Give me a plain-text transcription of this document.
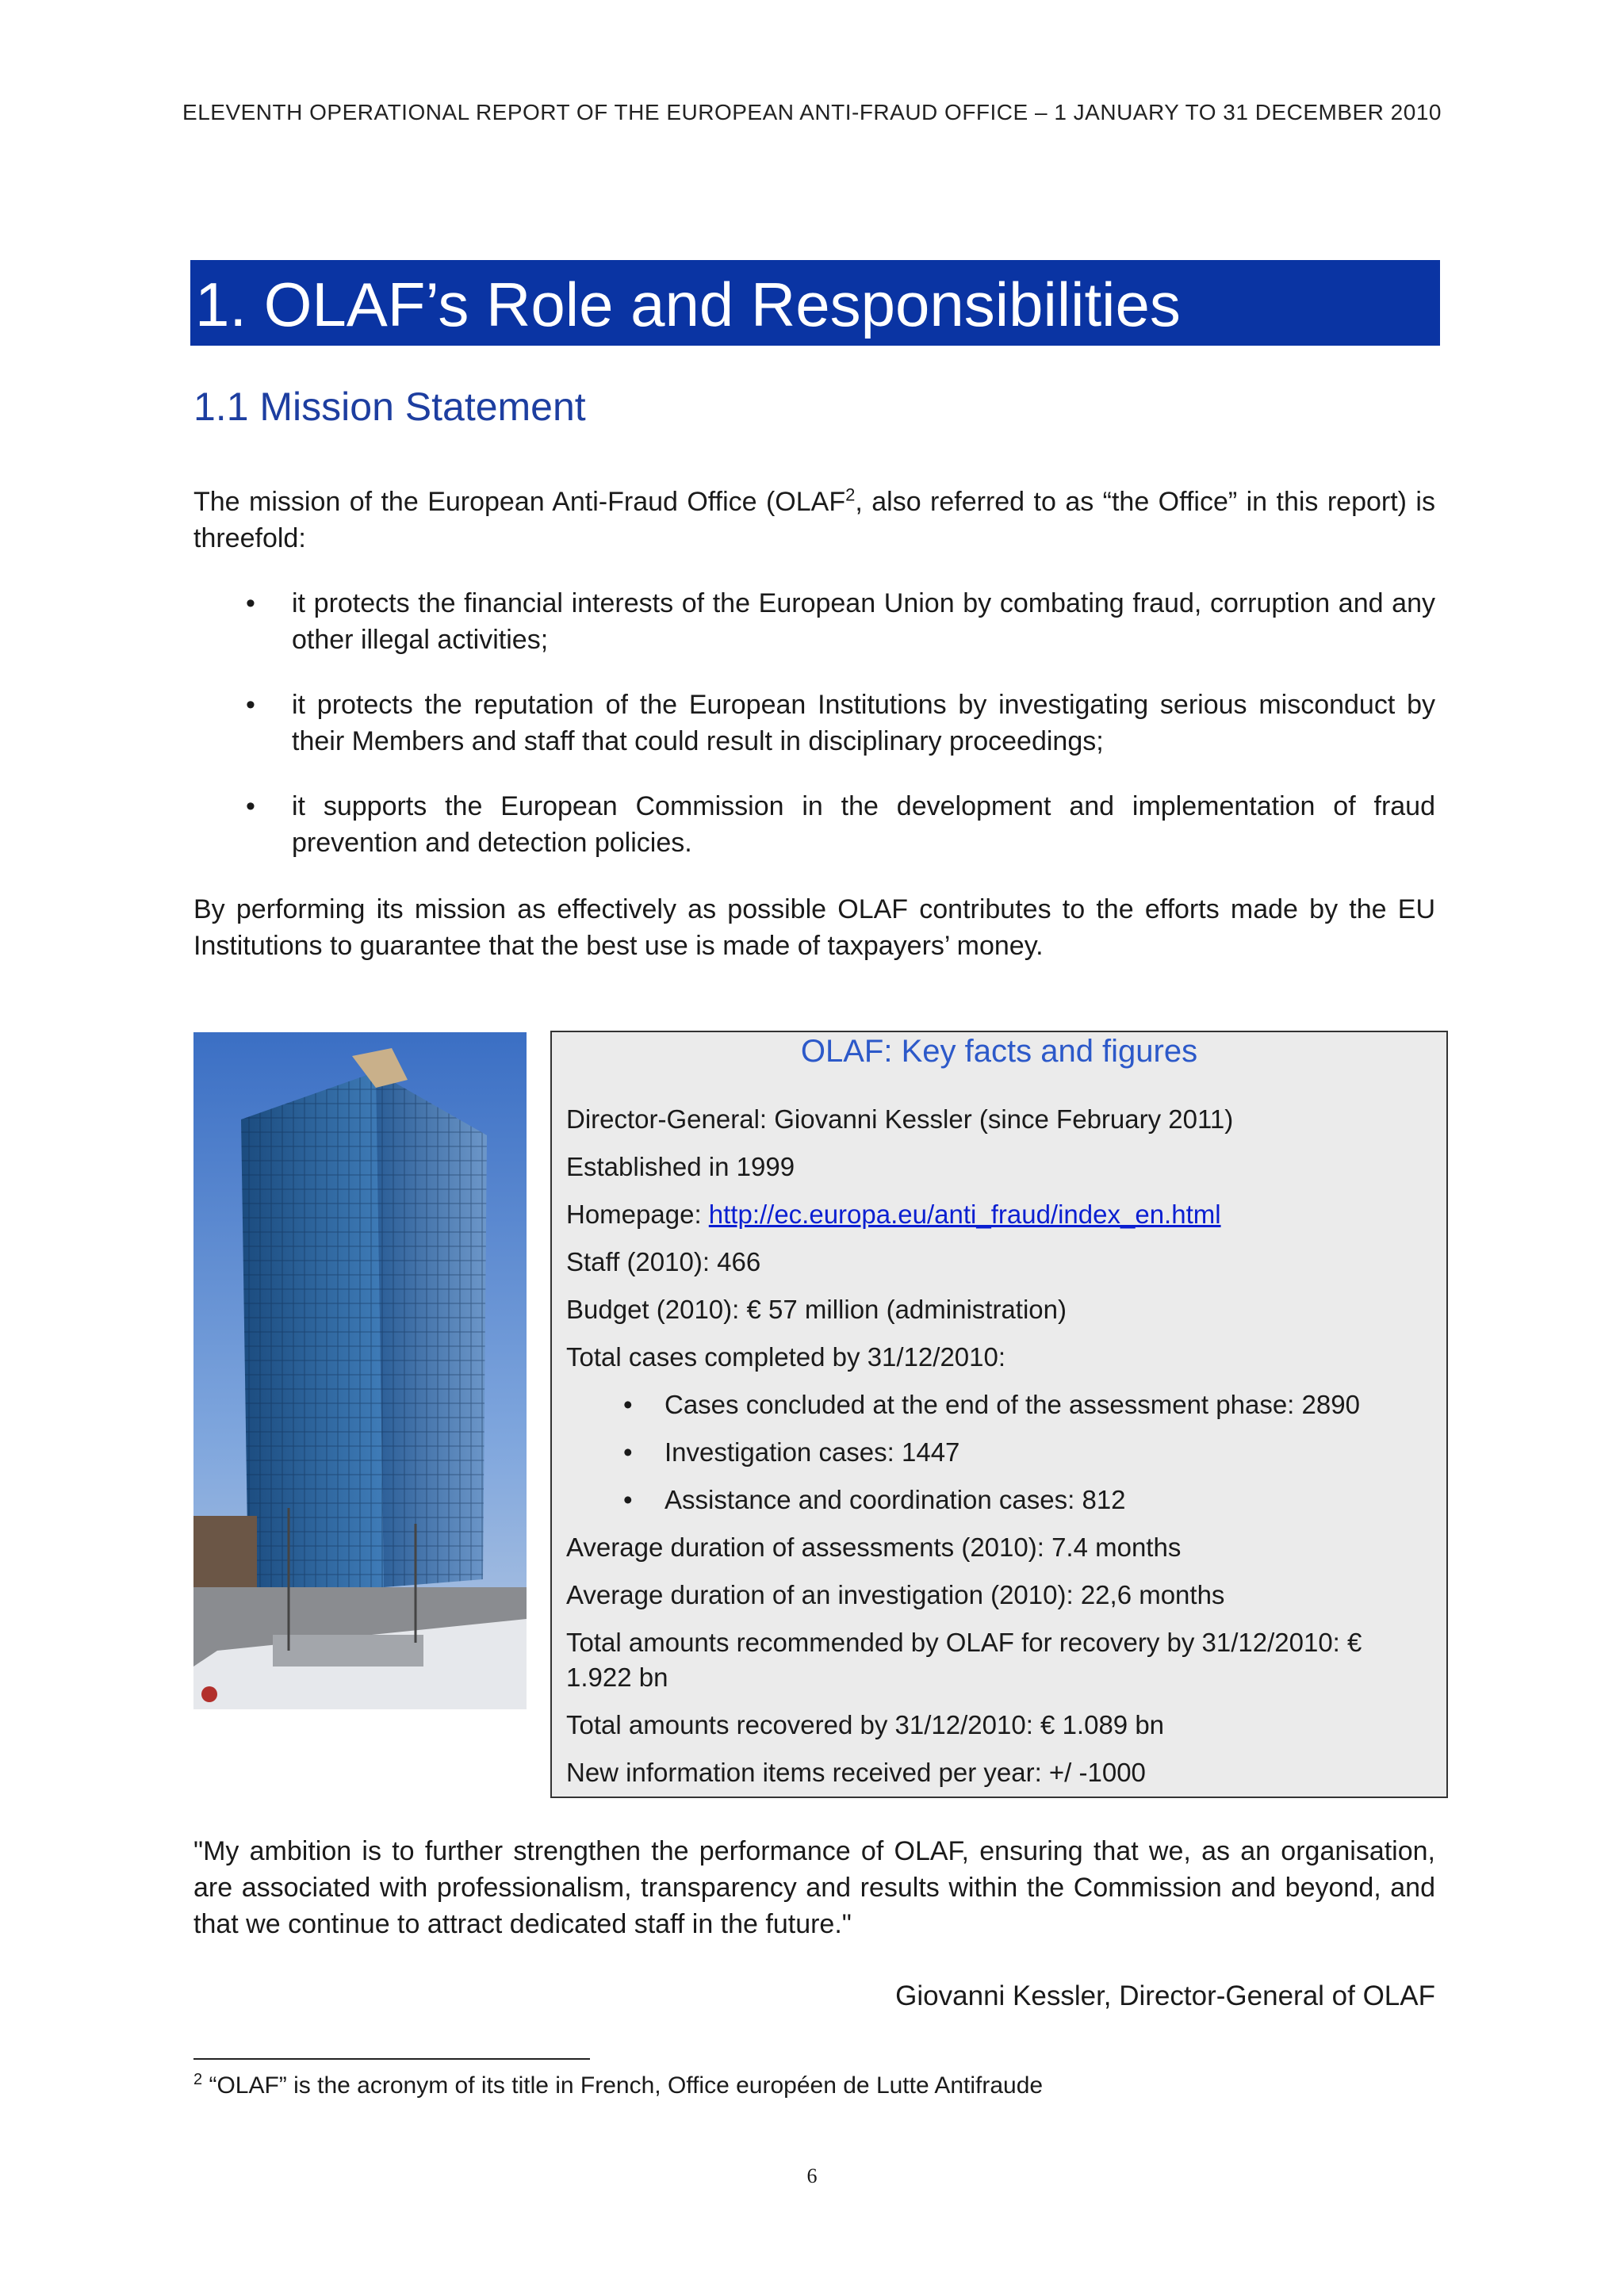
ELEVENTH OPERATIONAL REPORT OF THE EUROPEAN ANTI-FRAUD OFFICE – 1 JANUARY TO 31 DECEMBER 2010
1. OLAF’s Role and Responsibilities
1.1 Mission Statement
The mission of the European Anti-Fraud Office (OLAF$^2$, also referred to as “the Office” in this report) is threefold:
• it protects the financial interests of the European Union by combating fraud, corruption and any other illegal activities;
• it protects the reputation of the European Institutions by investigating serious misconduct by their Members and staff that could result in disciplinary proceedings;
• it supports the European Commission in the development and implementation of fraud prevention and detection policies.
By performing its mission as effectively as possible OLAF contributes to the efforts made by the EU Institutions to guarantee that the best use is made of taxpayers’ money.
OLAF: Key facts and figures
Director-General: Giovanni Kessler (since February 2011)
Established in 1999
Homepage: http://ec.europa.eu/anti_fraud/index_en.html
Staff (2010): 466
Budget (2010): € 57 million (administration)
Total cases completed by 31/12/2010:
• Cases concluded at the end of the assessment phase: 2890
• Investigation cases: 1447
• Assistance and coordination cases: 812
Average duration of assessments (2010): 7.4 months
Average duration of an investigation (2010): 22,6 months
Total amounts recommended by OLAF for recovery by 31/12/2010: € 1.922 bn
Total amounts recovered by 31/12/2010: € 1.089 bn
New information items received per year: +/ -1000
"My ambition is to further strengthen the performance of OLAF, ensuring that we, as an organisation, are associated with professionalism, transparency and results within the Commission and beyond, and that we continue to attract dedicated staff in the future."
Giovanni Kessler, Director-General of OLAF
$^2$ “OLAF” is the acronym of its title in French, Office européen de Lutte Antifraude
6
